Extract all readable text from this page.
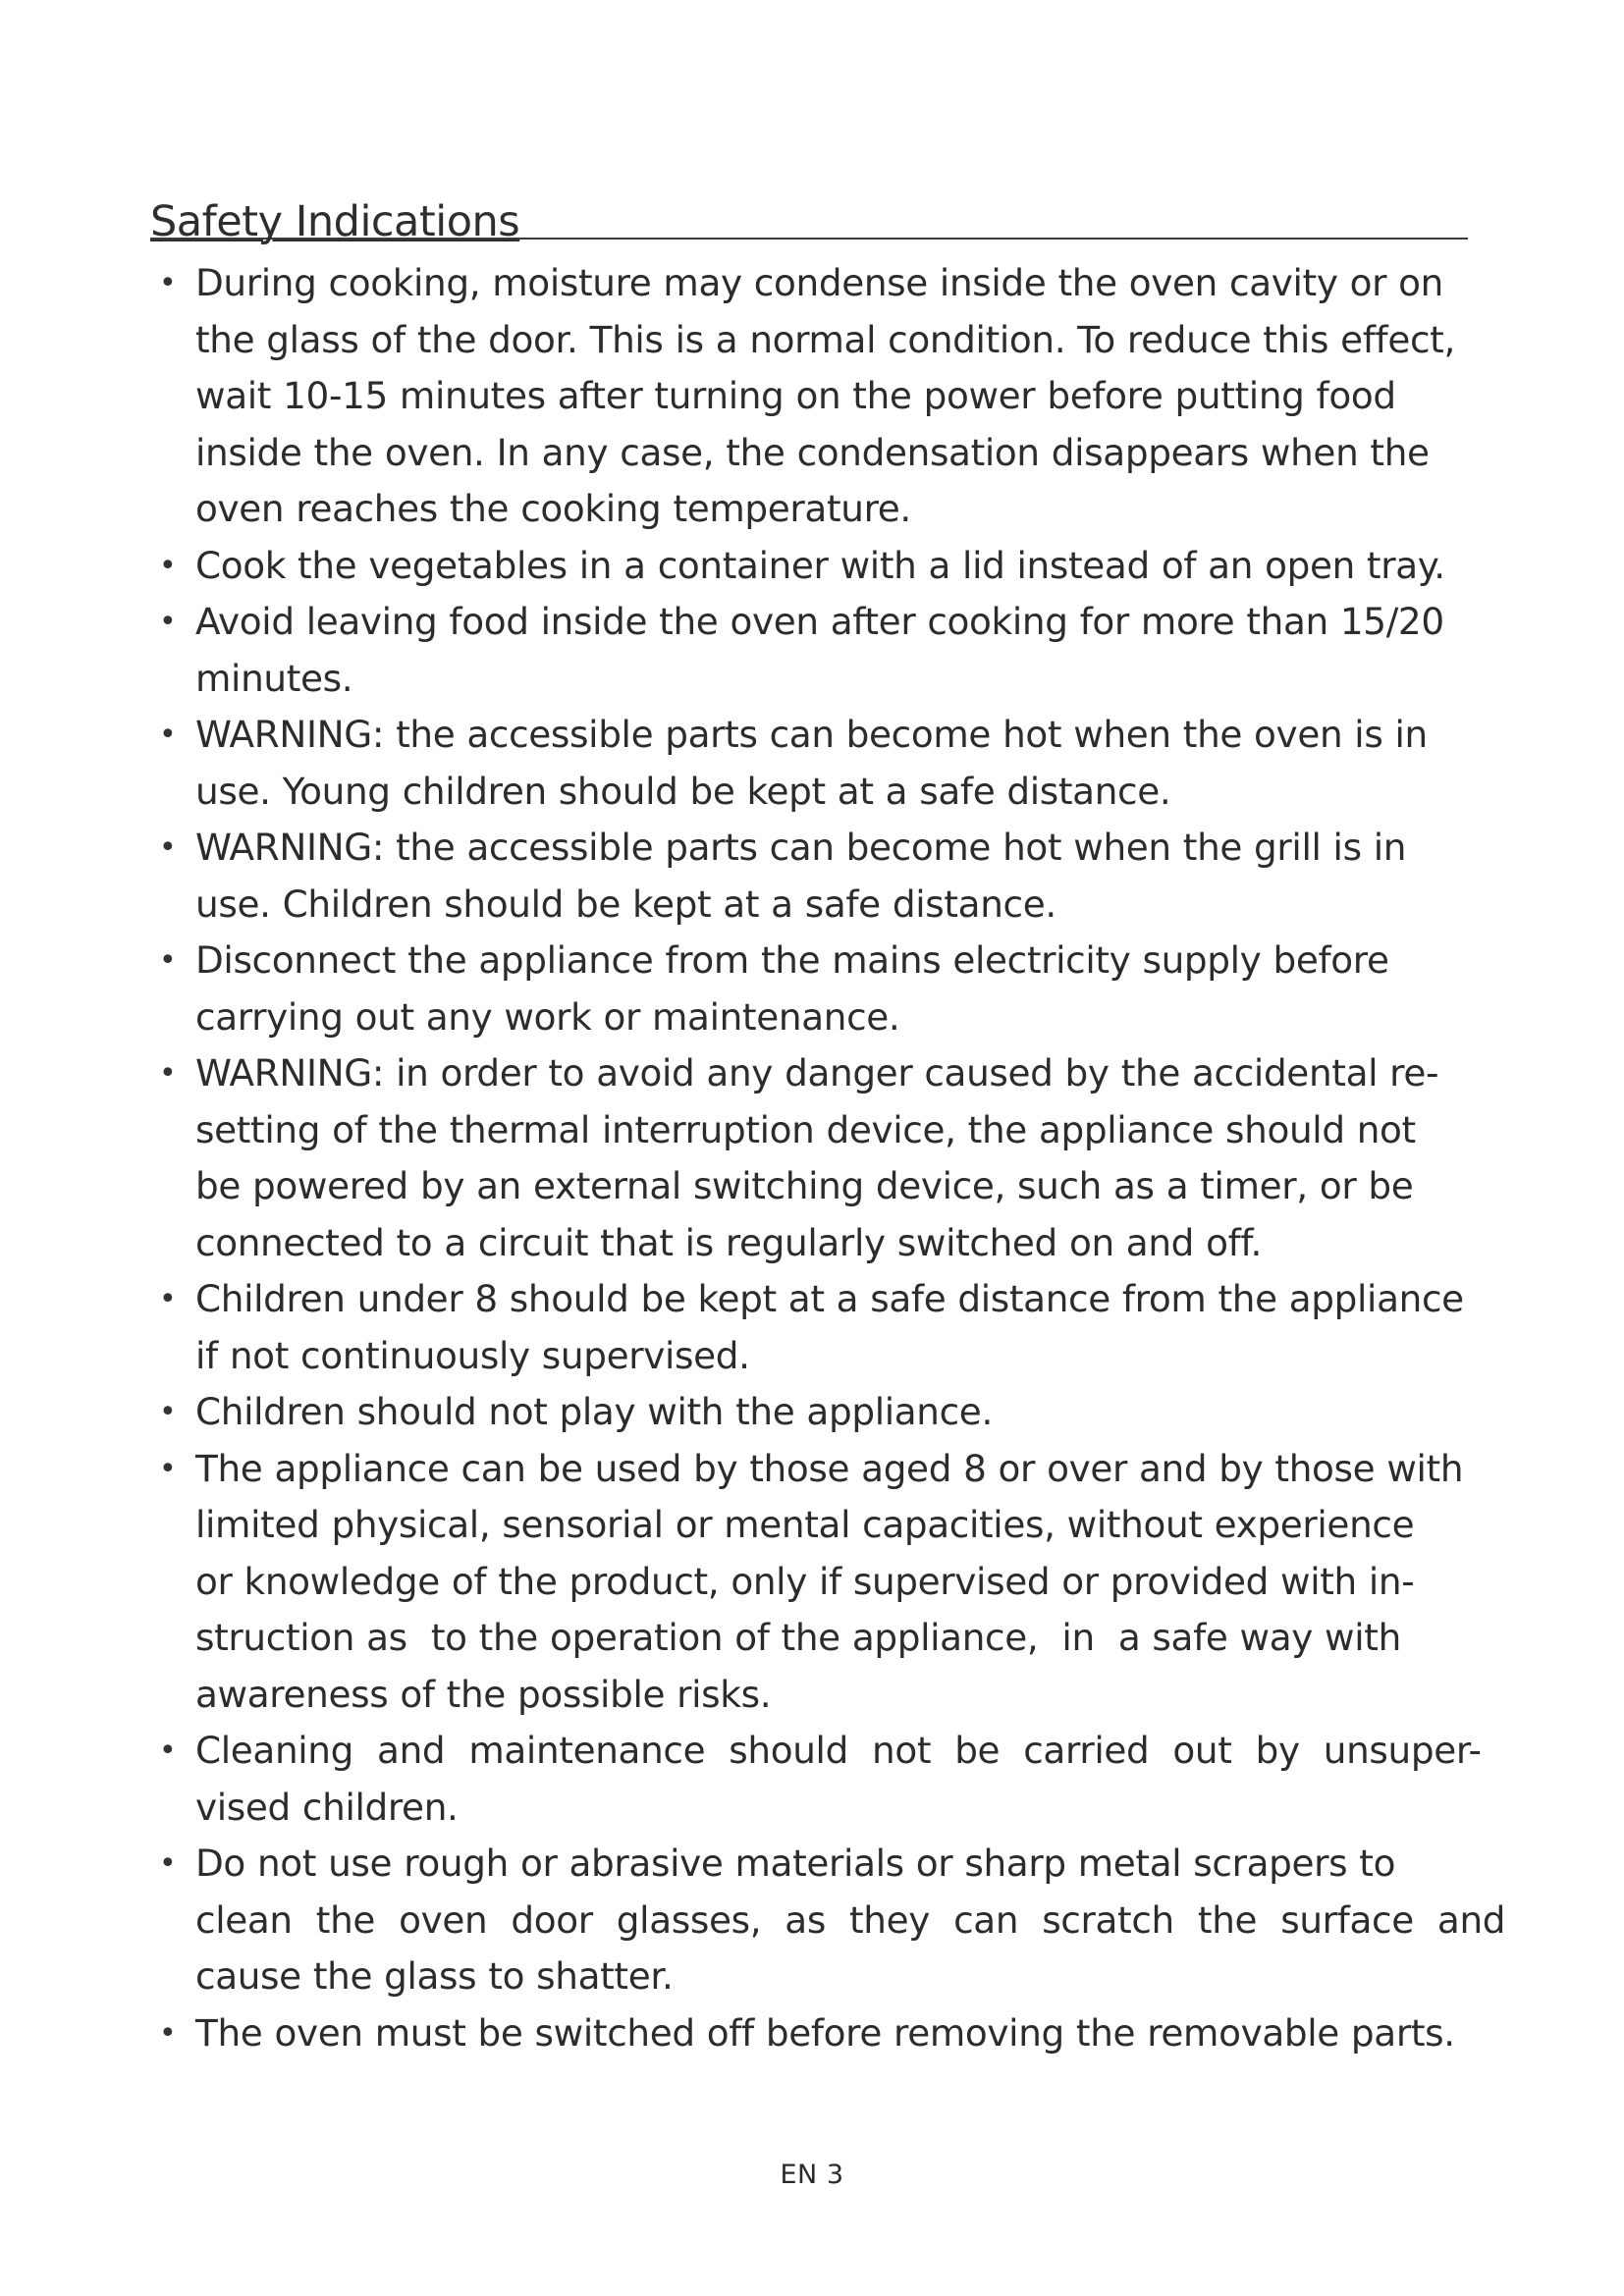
Safety Indications
• During cooking, moisture may condense inside the oven cavity or on
the glass of the door. This is a normal condition. To reduce this effect,
wait 10-15 minutes after turning on the power before putting food
inside the oven. In any case, the condensation disappears when the
oven reaches the cooking temperature.
• Cook the vegetables in a container with a lid instead of an open tray.
• Avoid leaving food inside the oven after cooking for more than 15/20
minutes.
• WARNING: the accessible parts can become hot when the oven is in
use. Young children should be kept at a safe distance.
• WARNING: the accessible parts can become hot when the grill is in
use. Children should be kept at a safe distance.
• Disconnect the appliance from the mains electricity supply before
carrying out any work or maintenance.
• WARNING: in order to avoid any danger caused by the accidental re-
setting of the thermal interruption device, the appliance should not
be powered by an external switching device, such as a timer, or be
connected to a circuit that is regularly switched on and off.
• Children under 8 should be kept at a safe distance from the appliance
if not continuously supervised.
• Children should not play with the appliance.
• The appliance can be used by those aged 8 or over and by those with
limited physical, sensorial or mental capacities, without experience
or knowledge of the product, only if supervised or provided with in-
struction as  to the operation of the appliance,  in  a safe way with
awareness of the possible risks.
• Cleaning  and  maintenance  should  not  be  carried  out  by  unsuper-
vised children.
• Do not use rough or abrasive materials or sharp metal scrapers to
clean  the  oven  door  glasses,  as  they  can  scratch  the  surface  and
cause the glass to shatter.
• The oven must be switched off before removing the removable parts.
EN 3
